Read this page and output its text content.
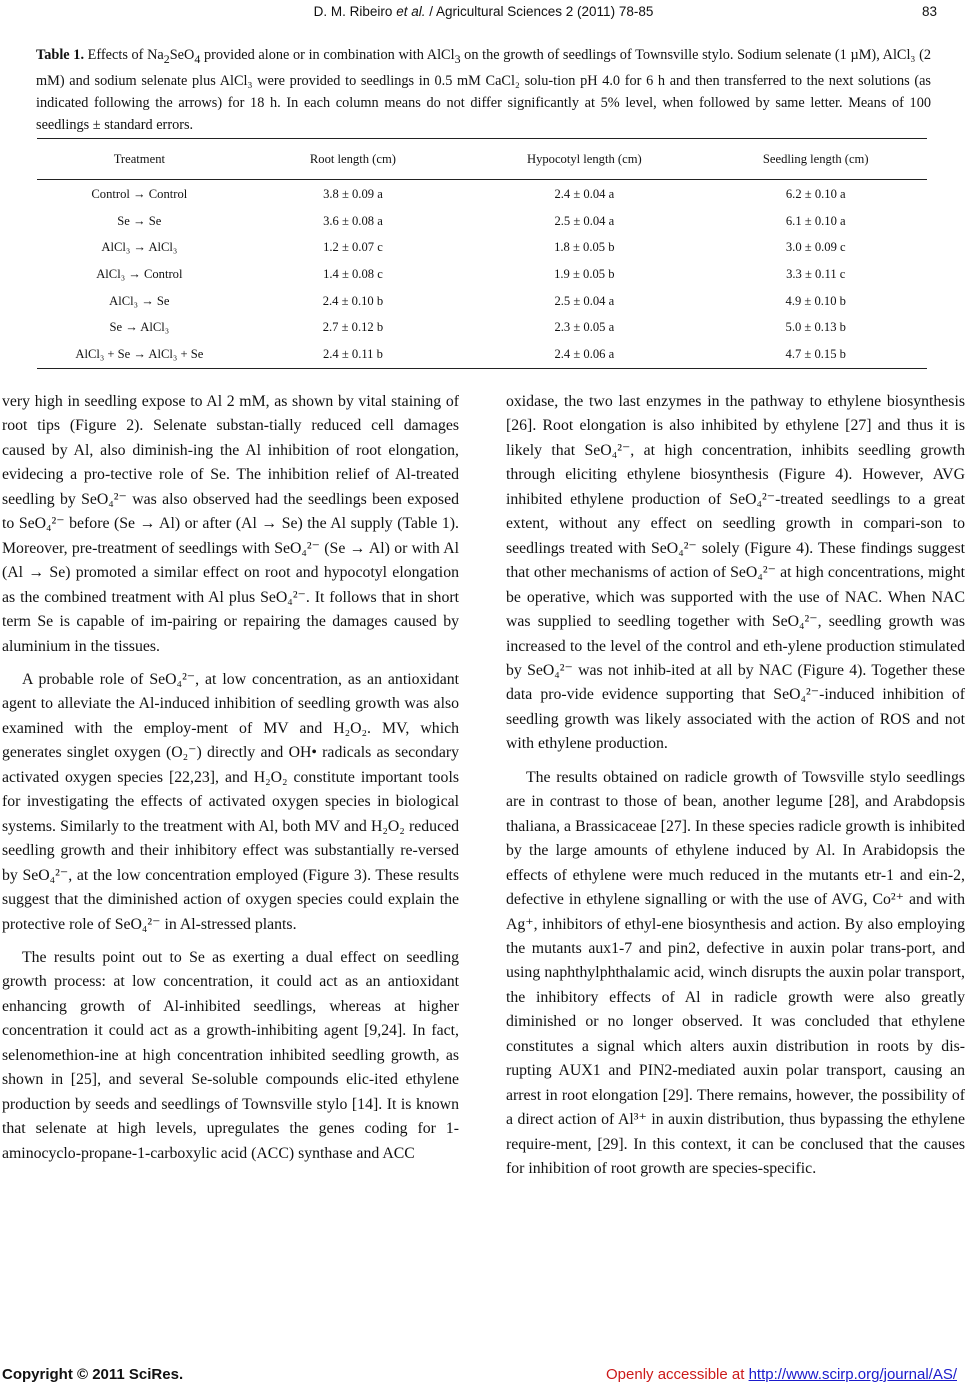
D. M. Ribeiro et al. / Agricultural Sciences 2 (2011) 78-85	83
Table 1. Effects of $Na_2SeO_4$ provided alone or in combination with AlCl$_3$ on the growth of seedlings of Townsville stylo. Sodium selenate (1 µM), AlCl₃ (2 mM) and sodium selenate plus AlCl₃ were provided to seedlings in 0.5 mM CaCl₂ solu-tion pH 4.0 for 6 h and then transferred to the next solutions (as indicated following the arrows) for 18 h. In each column means do not differ significantly at 5% level, when followed by same letter. Means of 100 seedlings ± standard errors.
Treatment	Root length (cm)	Hypocotyl length (cm)	Seedling length (cm)
Control → Control	3.8 ± 0.09 a	2.4 ± 0.04 a	6.2 ± 0.10 a
Se → Se	3.6 ± 0.08 a	2.5 ± 0.04 a	6.1 ± 0.10 a
AlCl₃ → AlCl₃	1.2 ± 0.07 c	1.8 ± 0.05 b	3.0 ± 0.09 c
AlCl₃ → Control	1.4 ± 0.08 c	1.9 ± 0.05 b	3.3 ± 0.11 c
AlCl₃ → Se	2.4 ± 0.10 b	2.5 ± 0.04 a	4.9 ± 0.10 b
Se → AlCl₃	2.7 ± 0.12 b	2.3 ± 0.05 a	5.0 ± 0.13 b
AlCl₃ + Se → AlCl₃ + Se	2.4 ± 0.11 b	2.4 ± 0.06 a	4.7 ± 0.15 b

very high in seedling expose to Al 2 mM, as shown by vital staining of root tips (Figure 2). Selenate substan-tially reduced cell damages caused by Al, also diminish-ing the Al inhibition of root elongation, evidecing a pro-tective role of Se. The inhibition relief of Al-treated seedling by SeO₄²⁻ was also observed had the seedlings been exposed to SeO₄²⁻ before (Se → Al) or after (Al → Se) the Al supply (Table 1). Moreover, pre-treatment of seedlings with SeO₄²⁻ (Se → Al) or with Al (Al → Se) promoted a similar effect on root and hypocotyl elongation as the combined treatment with Al plus SeO₄²⁻. It follows that in short term Se is capable of im-pairing or repairing the damages caused by aluminium in the tissues.

A probable role of SeO₄²⁻, at low concentration, as an antioxidant agent to alleviate the Al-induced inhibition of seedling growth was also examined with the employ-ment of MV and H₂O₂. MV, which generates singlet oxygen (O₂⁻) directly and OH• radicals as secondary activated oxygen species [22,23], and H₂O₂ constitute important tools for investigating the effects of activated oxygen species in biological systems. Similarly to the treatment with Al, both MV and H₂O₂ reduced seedling growth and their inhibitory effect was substantially re-versed by SeO₄²⁻, at the low concentration employed (Figure 3). These results suggest that the diminished action of oxygen species could explain the protective role of SeO₄²⁻ in Al-stressed plants.

The results point out to Se as exerting a dual effect on seedling growth process: at low concentration, it could act as an antioxidant enhancing growth of Al-inhibited seedlings, whereas at higher concentration it could act as a growth-inhibiting agent [9,24]. In fact, selenomethion-ine at high concentration inhibited seedling growth, as shown in [25], and several Se-soluble compounds elic-ited ethylene production by seeds and seedlings of Townsville stylo [14]. It is known that selenate at high levels, upregulates the genes coding for 1-aminocyclo-propane-1-carboxylic acid (ACC) synthase and ACC

oxidase, the two last enzymes in the pathway to ethylene biosynthesis [26]. Root elongation is also inhibited by ethylene [27] and thus it is likely that SeO₄²⁻, at high concentration, inhibits seedling growth through eliciting ethylene biosynthesis (Figure 4). However, AVG inhibited ethylene production of SeO₄²⁻-treated seedlings to a great extent, without any effect on seedling growth in compari-son to seedlings treated with SeO₄²⁻ solely (Figure 4). These findings suggest that other mechanisms of action of SeO₄²⁻ at high concentrations, might be operative, which was supported with the use of NAC. When NAC was supplied to seedling together with SeO₄²⁻, seedling growth was increased to the level of the control and eth-ylene production stimulated by SeO₄²⁻ was not inhib-ited at all by NAC (Figure 4). Together these data pro-vide evidence supporting that SeO₄²⁻-induced inhibition of seedling growth was likely associated with the action of ROS and not with ethylene production.

The results obtained on radicle growth of Towsville stylo seedlings are in contrast to those of bean, another legume [28], and Arabdopsis thaliana, a Brassicaceae [27]. In these species radicle growth is inhibited by the large amounts of ethylene induced by Al. In Arabidopsis the effects of ethylene were much reduced in the mutants etr-1 and ein-2, defective in ethylene signalling or with the use of AVG, Co²⁺ and with Ag⁺, inhibitors of ethyl-ene biosynthesis and action. By also employing the mutants aux1-7 and pin2, defective in auxin polar trans-port, and using naphthylphthalamic acid, winch disrupts the auxin polar transport, the inhibitory effects of Al in radicle growth were also greatly diminished or no longer observed. It was concluded that ethylene constitutes a signal which alters auxin distribution in roots by dis-rupting AUX1 and PIN2-mediated auxin polar transport, causing an arrest in root elongation [29]. There remains, however, the possibility of a direct action of Al³⁺ in auxin distribution, thus bypassing the ethylene require-ment, [29]. In this context, it can be conclused that the causes for inhibition of root growth are species-specific.

Copyright © 2011 SciRes.	Openly accessible at http://www.scirp.org/journal/AS/
